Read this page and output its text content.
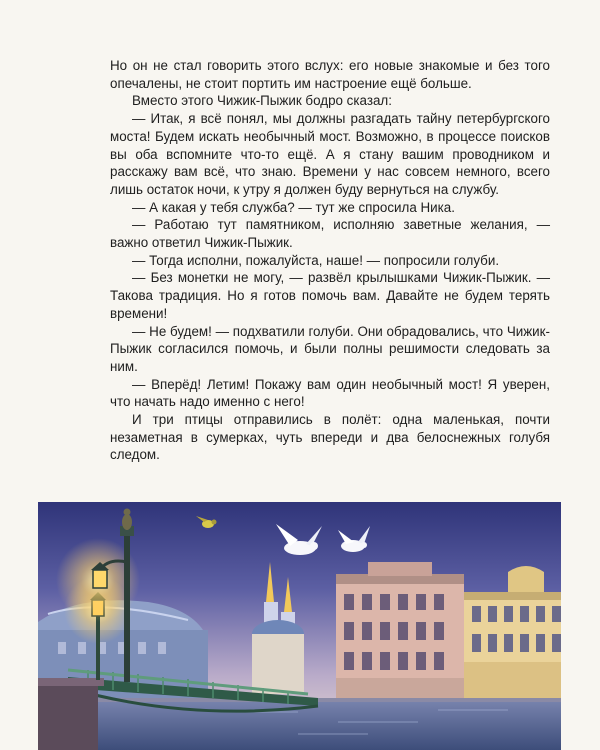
Но он не стал говорить этого вслух: его новые знакомые и без того опечалены, не стоит портить им настроение ещё больше.

Вместо этого Чижик-Пыжик бодро сказал:

— Итак, я всё понял, мы должны разгадать тайну петербургского моста! Будем искать необычный мост. Возможно, в процессе поисков вы оба вспомните что-то ещё. А я стану вашим проводником и расскажу вам всё, что знаю. Времени у нас совсем немного, всего лишь остаток ночи, к утру я должен буду вернуться на службу.

— А какая у тебя служба? — тут же спросила Ника.

— Работаю тут памятником, исполняю заветные желания, — важно ответил Чижик-Пыжик.

— Тогда исполни, пожалуйста, наше! — попросили голуби.

— Без монетки не могу, — развёл крылышками Чижик-Пыжик. — Такова традиция. Но я готов помочь вам. Давайте не будем терять времени!

— Не будем! — подхватили голуби. Они обрадовались, что Чижик-Пыжик согласился помочь, и были полны решимости следовать за ним.

— Вперёд! Летим! Покажу вам один необычный мост! Я уверен, что начать надо именно с него!

И три птицы отправились в полёт: одна маленькая, почти незаметная в сумерках, чуть впереди и два белоснежных голубя следом.
